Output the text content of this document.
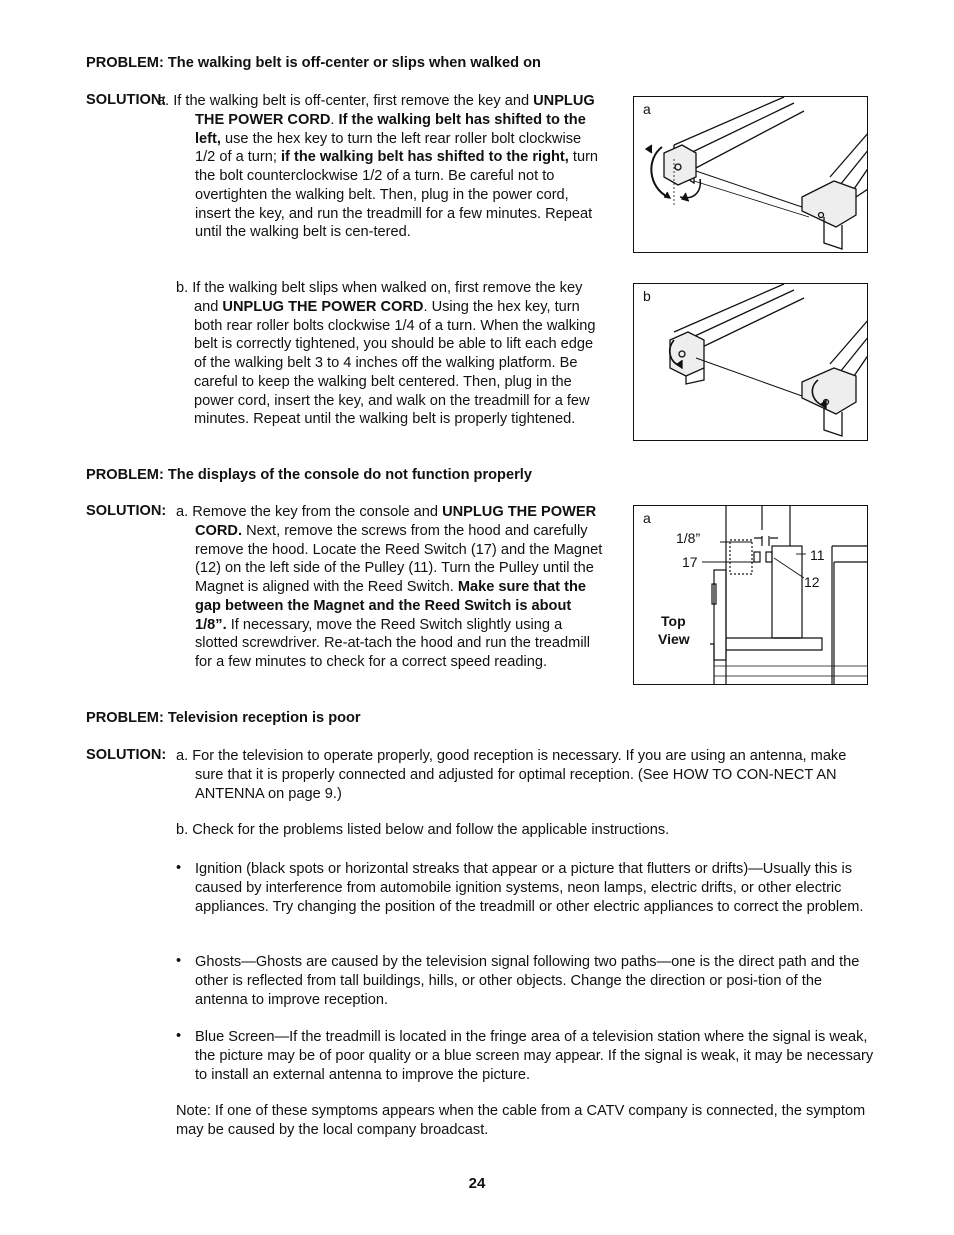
PROBLEM: The walking belt is off-center or slips when walked on
SOLUTION:
a. If the walking belt is off-center, first remove the key and UNPLUG THE POWER CORD. If the walking belt has shifted to the left, use the hex key to turn the left rear roller bolt clockwise 1/2 of a turn; if the walking belt has shifted to the right, turn the bolt counterclockwise 1/2 of a turn. Be careful not to overtighten the walking belt. Then, plug in the power cord, insert the key, and run the treadmill for a few minutes. Repeat until the walking belt is cen-tered.
b. If the walking belt slips when walked on, first remove the key and UNPLUG THE POWER CORD. Using the hex key, turn both rear roller bolts clockwise 1/4 of a turn. When the walking belt is correctly tightened, you should be able to lift each edge of the walking belt 3 to 4 inches off the walking platform. Be careful to keep the walking belt centered. Then, plug in the power cord, insert the key, and walk on the treadmill for a few minutes. Repeat until the walking belt is properly tightened.
a
b
PROBLEM: The displays of the console do not function properly
SOLUTION: a. Remove the key from the console and UNPLUG THE POWER CORD. Next, remove the screws from the hood and carefully remove the hood. Locate the Reed Switch (17) and the Magnet (12) on the left side of the Pulley (11). Turn the Pulley until the Magnet is aligned with the Reed Switch. Make sure that the gap between the Magnet and the Reed Switch is about 1/8”. If necessary, move the Reed Switch slightly using a slotted screwdriver. Re-at-tach the hood and run the treadmill for a few minutes to check for a correct speed reading.
a
1/8”
17	11
12
Top
View
PROBLEM: Television reception is poor
SOLUTION: a. For the television to operate properly, good reception is necessary. If you are using an antenna, make sure that it is properly connected and adjusted for optimal reception. (See HOW TO CON-NECT AN ANTENNA on page 9.)
b. Check for the problems listed below and follow the applicable instructions.
• Ignition (black spots or horizontal streaks that appear or a picture that flutters or drifts)—Usually this is caused by interference from automobile ignition systems, neon lamps, electric drifts, or other electric appliances. Try changing the position of the treadmill or other electric appliances to correct the problem.
• Ghosts—Ghosts are caused by the television signal following two paths—one is the direct path and the other is reflected from tall buildings, hills, or other objects. Change the direction or posi-tion of the antenna to improve reception.
• Blue Screen—If the treadmill is located in the fringe area of a television station where the signal is weak, the picture may be of poor quality or a blue screen may appear. If the signal is weak, it may be necessary to install an external antenna to improve the picture.
Note: If one of these symptoms appears when the cable from a CATV company is connected, the symptom may be caused by the local company broadcast.
24
